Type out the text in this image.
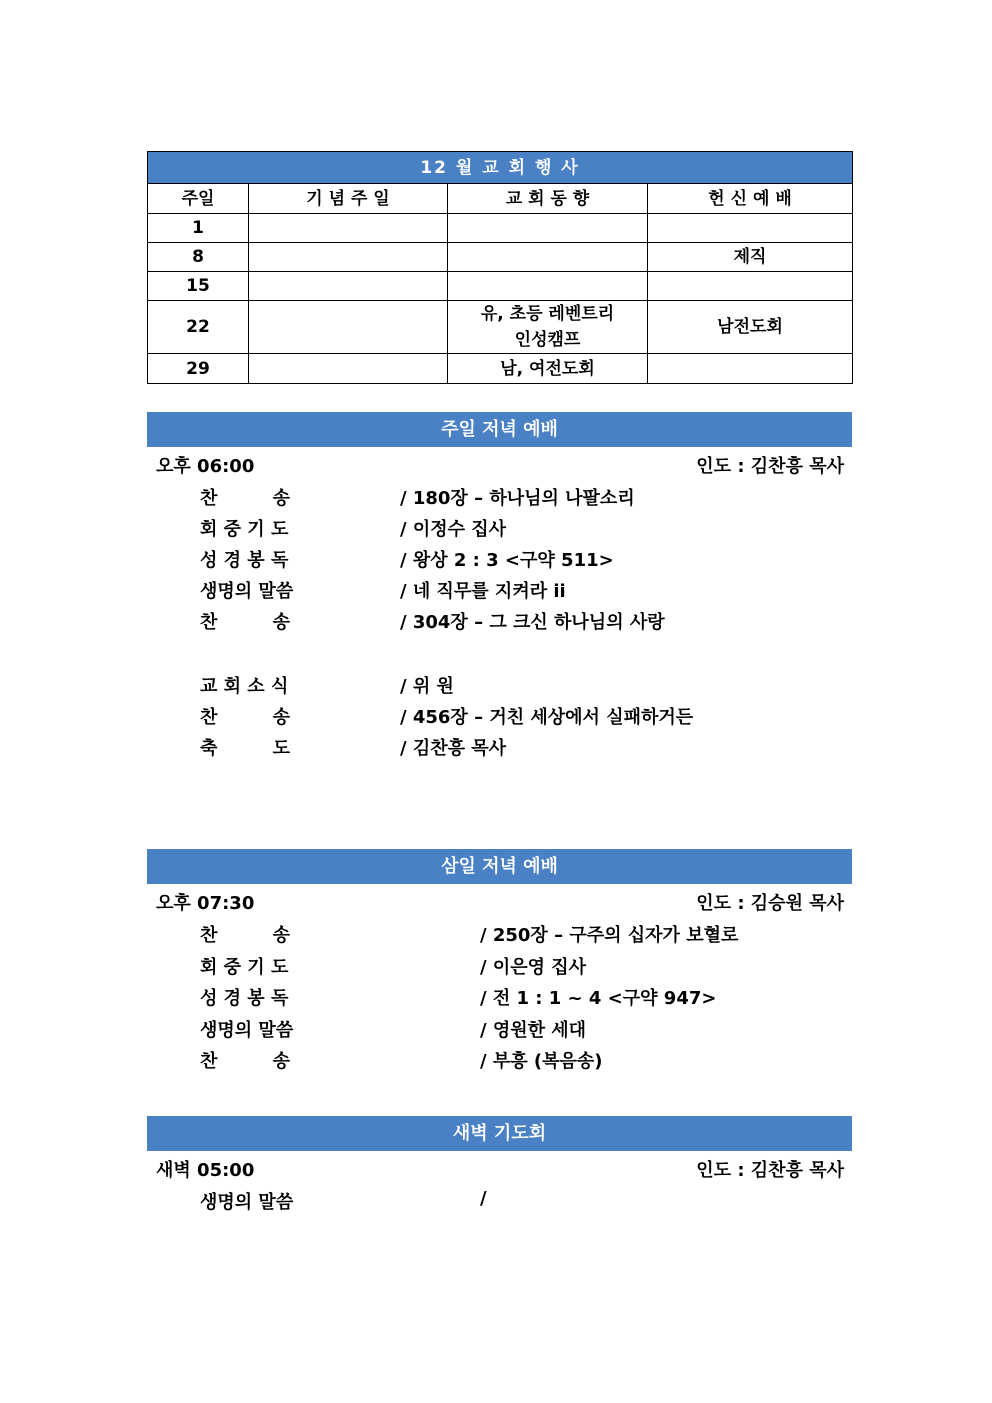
12 월 교 회 행 사			
주일	기 념 주 일	교 회 동 향	헌 신 예 배
1			
8			제직
15			
22		유, 초등 레벤트리
인성캠프	남전도회
29		남, 여전도회	
주일 저녁 예배
오후 06:00	인도 : 김찬흥 목사
찬	송	/ 180장 – 하나님의 나팔소리
회 중 기 도	/ 이정수 집사
성 경 봉 독	/ 왕상 2 : 3 <구약 511>
생명의 말씀	/ 네 직무를 지켜라 ii
찬	송	/ 304장 – 그 크신 하나님의 사랑
교 회 소 식	/ 위 원
찬	송	/ 456장 – 거친 세상에서 실패하거든
축	도	/ 김찬흥 목사
삼일 저녁 예배
오후 07:30	인도 : 김승원 목사
찬	송	/ 250장 – 구주의 십자가 보혈로
회 중 기 도	/ 이은영 집사
성 경 봉 독	/ 전 1 : 1 ~ 4 <구약 947>
생명의 말씀	/ 영원한 세대
찬	송	/ 부흥 (복음송)
새벽 기도회
새벽 05:00	인도 : 김찬흥 목사
생명의 말씀	/
